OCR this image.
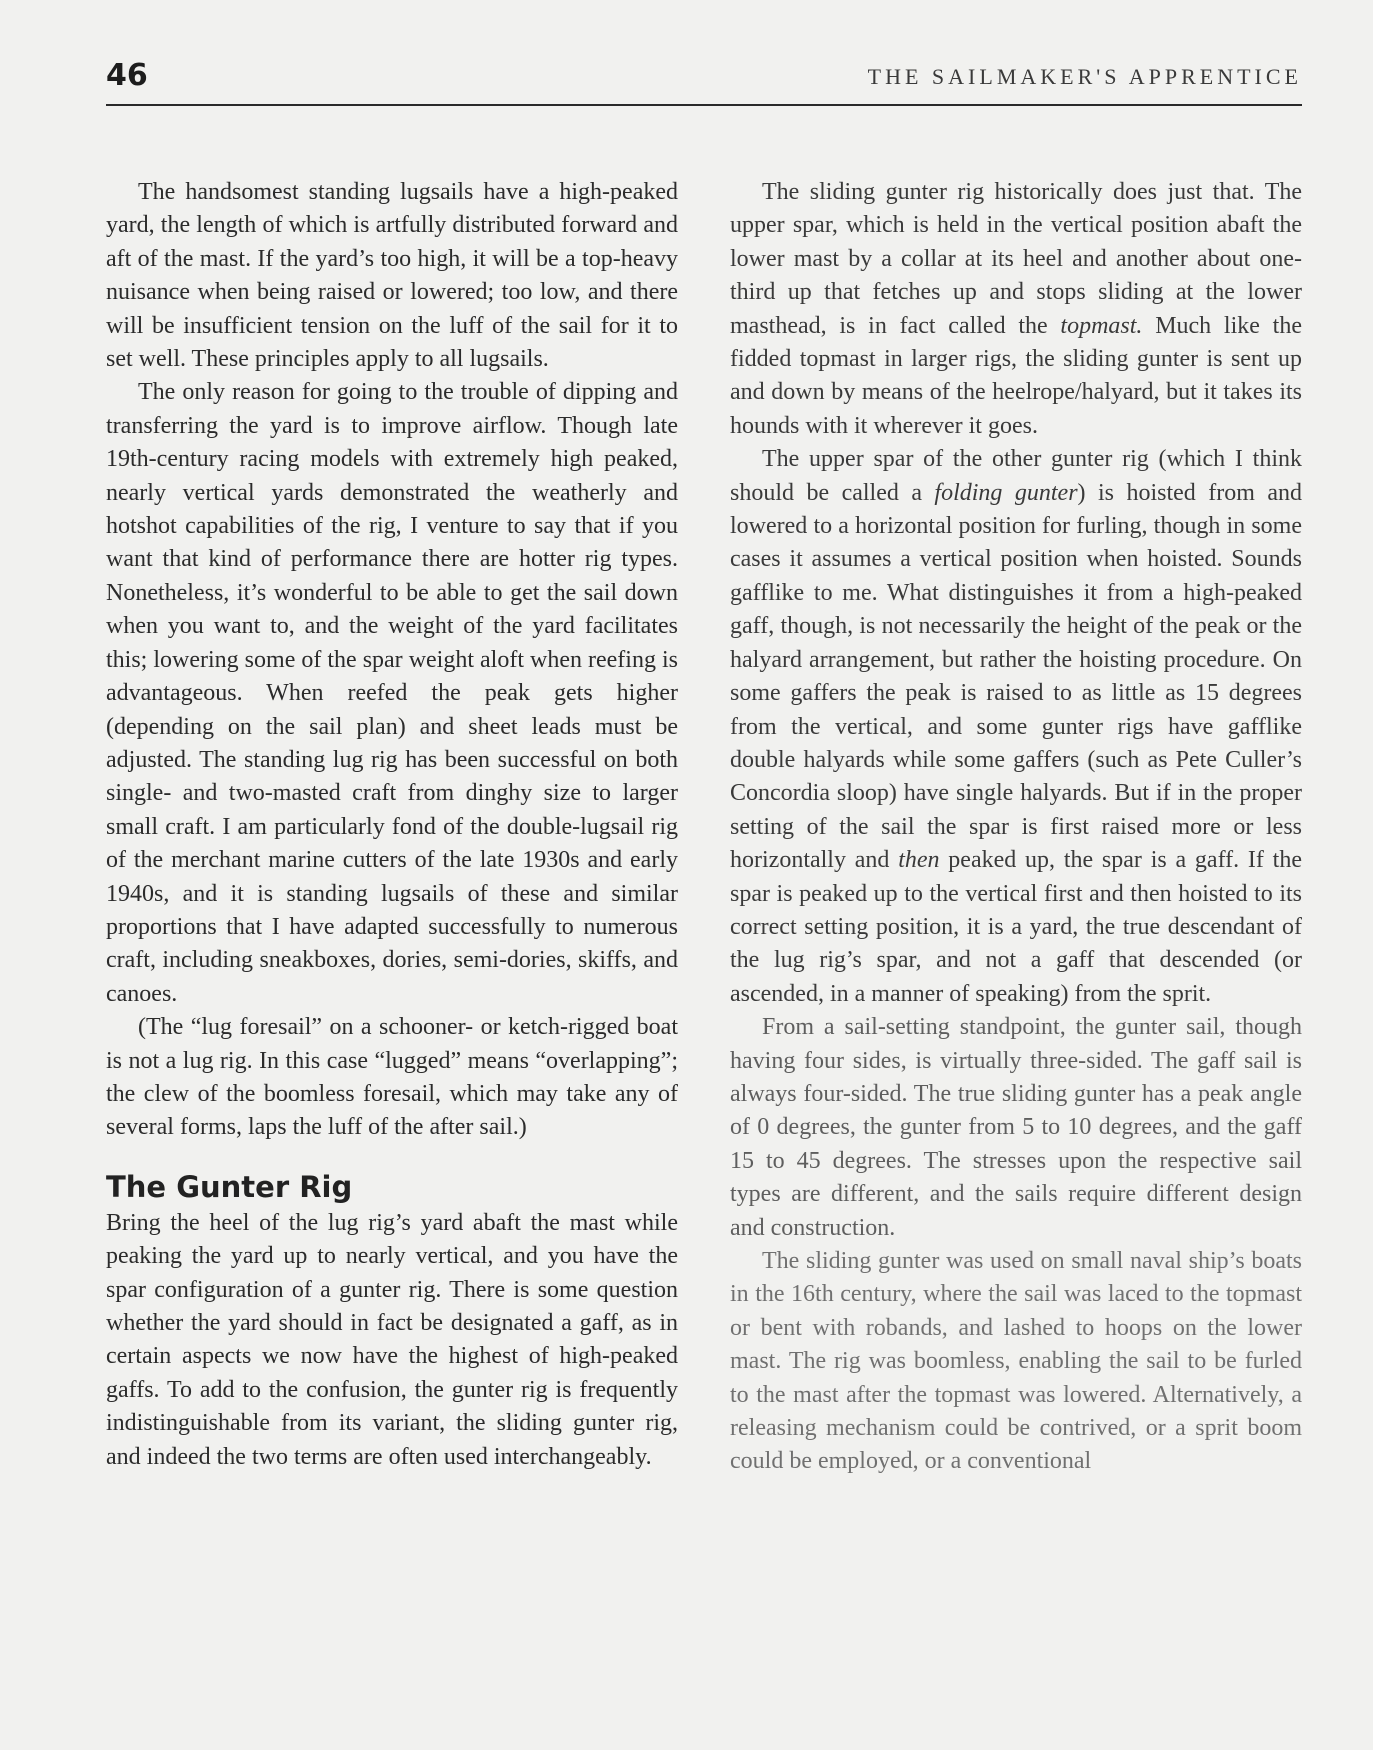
46	THE SAILMAKER'S APPRENTICE

The handsomest standing lugsails have a high-peaked yard, the length of which is artfully distributed forward and aft of the mast. If the yard’s too high, it will be a top-heavy nuisance when being raised or lowered; too low, and there will be insufficient tension on the luff of the sail for it to set well. These principles apply to all lugsails.

The only reason for going to the trouble of dipping and transferring the yard is to improve airflow. Though late 19th-century racing models with extremely high peaked, nearly vertical yards demonstrated the weatherly and hotshot capabilities of the rig, I venture to say that if you want that kind of performance there are hotter rig types. Nonetheless, it’s wonderful to be able to get the sail down when you want to, and the weight of the yard facilitates this; lowering some of the spar weight aloft when reefing is advantageous. When reefed the peak gets higher (depending on the sail plan) and sheet leads must be adjusted. The standing lug rig has been successful on both single- and two-masted craft from dinghy size to larger small craft. I am particularly fond of the double-lugsail rig of the merchant marine cutters of the late 1930s and early 1940s, and it is standing lugsails of these and similar proportions that I have adapted successfully to numerous craft, including sneakboxes, dories, semi-dories, skiffs, and canoes.

(The “lug foresail” on a schooner- or ketch-rigged boat is not a lug rig. In this case “lugged” means “overlapping”; the clew of the boomless foresail, which may take any of several forms, laps the luff of the after sail.)

The Gunter Rig

Bring the heel of the lug rig’s yard abaft the mast while peaking the yard up to nearly vertical, and you have the spar configuration of a gunter rig. There is some question whether the yard should in fact be designated a gaff, as in certain aspects we now have the highest of high-peaked gaffs. To add to the confusion, the gunter rig is frequently indistinguishable from its variant, the sliding gunter rig, and indeed the two terms are often used interchangeably.

The sliding gunter rig historically does just that. The upper spar, which is held in the vertical position abaft the lower mast by a collar at its heel and another about one-third up that fetches up and stops sliding at the lower masthead, is in fact called the topmast. Much like the fidded topmast in larger rigs, the sliding gunter is sent up and down by means of the heelrope/halyard, but it takes its hounds with it wherever it goes.

The upper spar of the other gunter rig (which I think should be called a folding gunter) is hoisted from and lowered to a horizontal position for furling, though in some cases it assumes a vertical position when hoisted. Sounds gafflike to me. What distinguishes it from a high-peaked gaff, though, is not necessarily the height of the peak or the halyard arrangement, but rather the hoisting procedure. On some gaffers the peak is raised to as little as 15 degrees from the vertical, and some gunter rigs have gafflike double halyards while some gaffers (such as Pete Culler’s Concordia sloop) have single halyards. But if in the proper setting of the sail the spar is first raised more or less horizontally and then peaked up, the spar is a gaff. If the spar is peaked up to the vertical first and then hoisted to its correct setting position, it is a yard, the true descendant of the lug rig’s spar, and not a gaff that descended (or ascended, in a manner of speaking) from the sprit.

From a sail-setting standpoint, the gunter sail, though having four sides, is virtually three-sided. The gaff sail is always four-sided. The true sliding gunter has a peak angle of 0 degrees, the gunter from 5 to 10 degrees, and the gaff 15 to 45 degrees. The stresses upon the respective sail types are different, and the sails require different design and construction.

The sliding gunter was used on small naval ship’s boats in the 16th century, where the sail was laced to the topmast or bent with robands, and lashed to hoops on the lower mast. The rig was boomless, enabling the sail to be furled to the mast after the topmast was lowered. Alternatively, a releasing mechanism could be contrived, or a sprit boom could be employed, or a conventional
